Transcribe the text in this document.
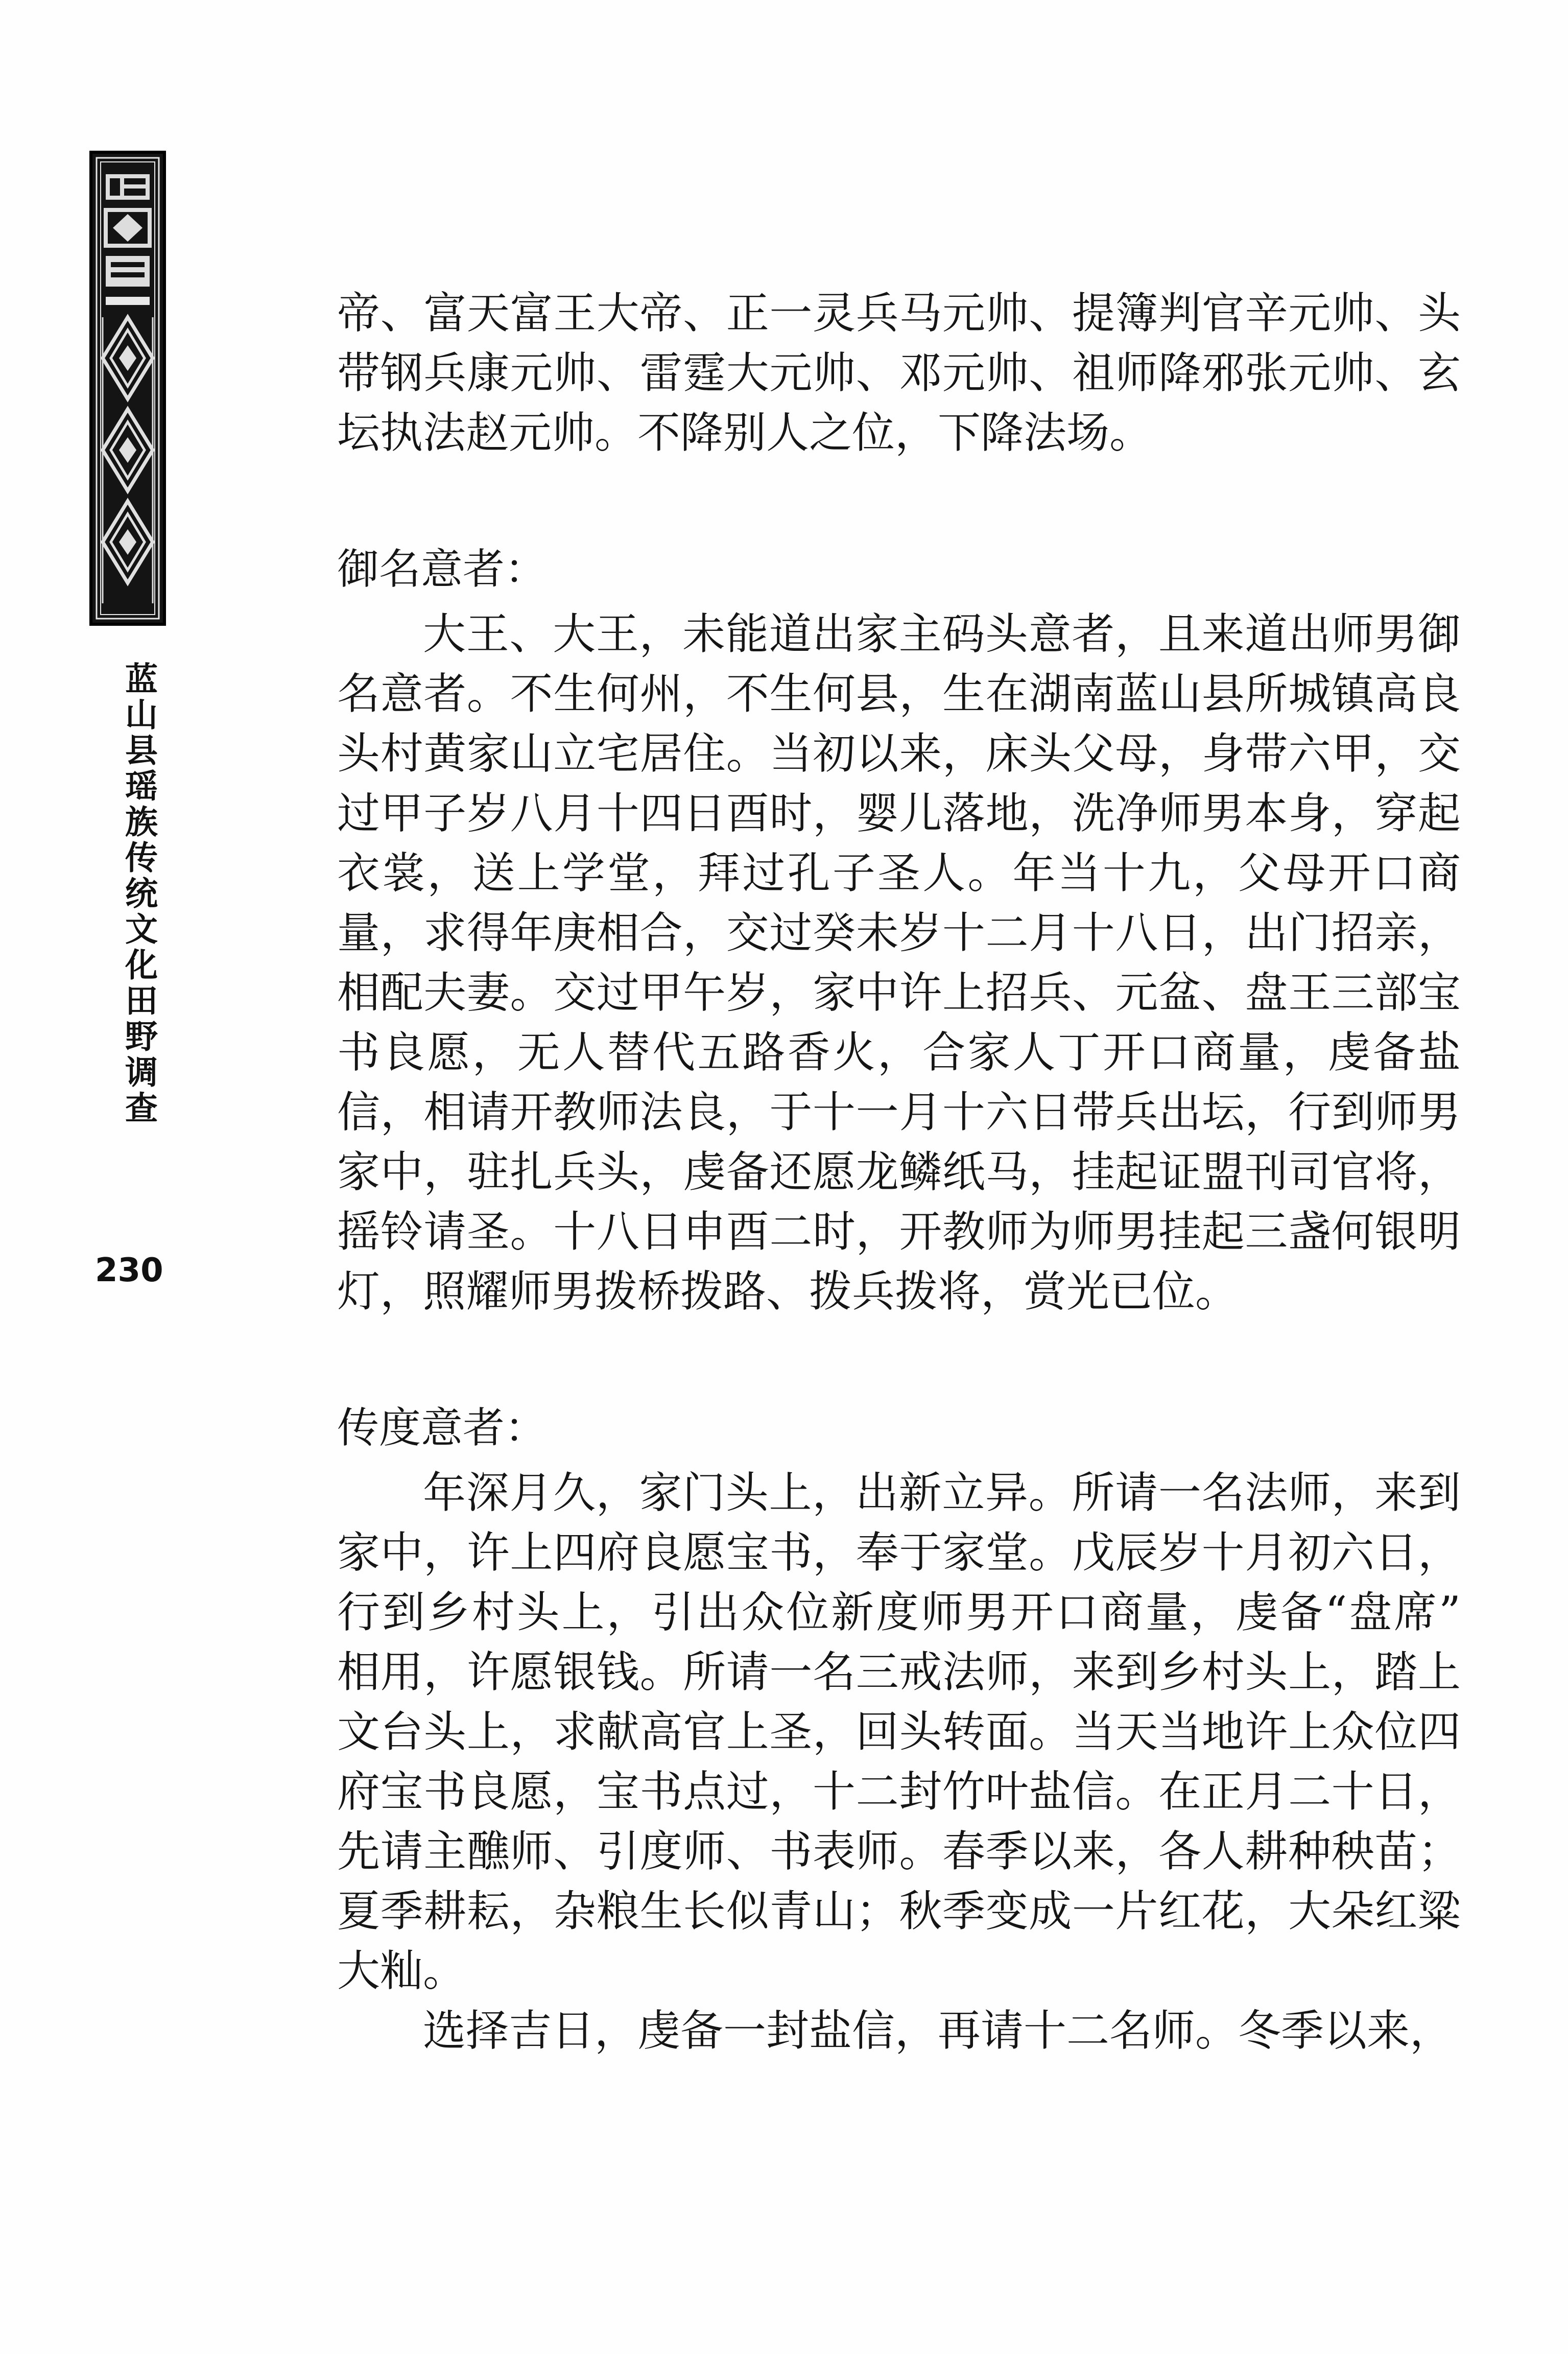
蓝山县瑶族传统文化田野调查
230
帝、富天富王大帝、正一灵兵马元帅、提簿判官辛元帅、头
带钢兵康元帅、雷霆大元帅、邓元帅、祖师降邪张元帅、玄
坛执法赵元帅。不降别人之位，下降法场。
御名意者：
大王、大王，未能道出家主码头意者，且来道出师男御
名意者。不生何州，不生何县，生在湖南蓝山县所城镇高良
头村黄家山立宅居住。当初以来，床头父母，身带六甲，交
过甲子岁八月十四日酉时，婴儿落地，洗净师男本身，穿起
衣裳，送上学堂，拜过孔子圣人。年当十九，父母开口商
量，求得年庚相合，交过癸未岁十二月十八日，出门招亲，
相配夫妻。交过甲午岁，家中许上招兵、元盆、盘王三部宝
书良愿，无人替代五路香火，合家人丁开口商量，虔备盐
信，相请开教师法良，于十一月十六日带兵出坛，行到师男
家中，驻扎兵头，虔备还愿龙鳞纸马，挂起证盟刊司官将，
摇铃请圣。十八日申酉二时，开教师为师男挂起三盏何银明
灯，照耀师男拨桥拨路、拨兵拨将，赏光已位。
传度意者：
年深月久，家门头上，出新立异。所请一名法师，来到
家中，许上四府良愿宝书，奉于家堂。戊辰岁十月初六日，
行到乡村头上，引出众位新度师男开口商量，虔备“盘席”
相用，许愿银钱。所请一名三戒法师，来到乡村头上，踏上
文台头上，求献高官上圣，回头转面。当天当地许上众位四
府宝书良愿，宝书点过，十二封竹叶盐信。在正月二十日，
先请主醮师、引度师、书表师。春季以来，各人耕种秧苗；
夏季耕耘，杂粮生长似青山；秋季变成一片红花，大朵红粱
大籼。
选择吉日，虔备一封盐信，再请十二名师。冬季以来，
